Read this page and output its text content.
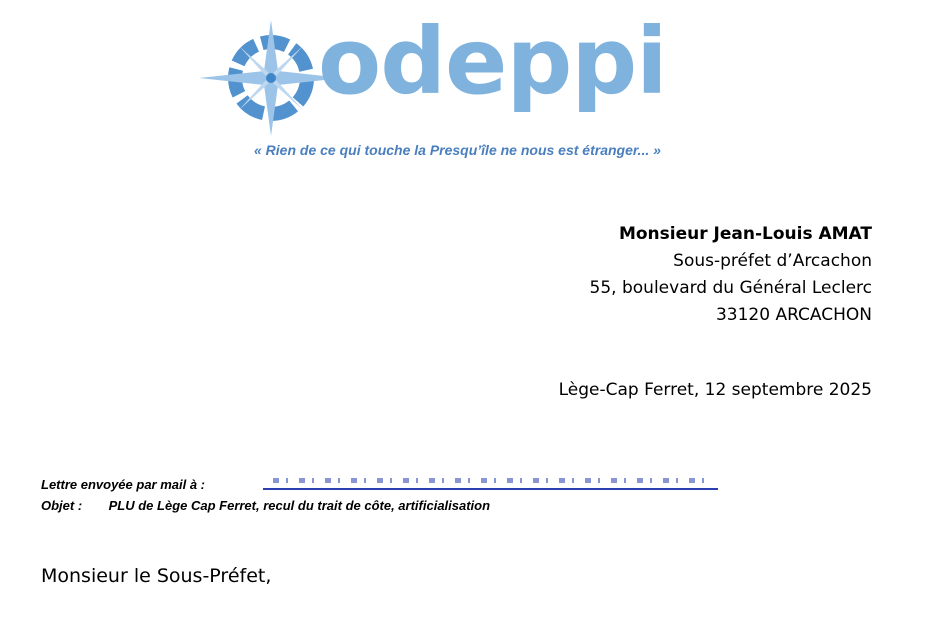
odeppi
« Rien de ce qui touche la Presqu’île ne nous est étranger... »
Monsieur Jean-Louis AMAT
Sous-préfet d’Arcachon
55, boulevard du Général Leclerc
33120 ARCACHON
Lège-Cap Ferret, 12 septembre 2025
Lettre envoyée par mail à :
Objet : PLU de Lège Cap Ferret, recul du trait de côte, artificialisation
Monsieur le Sous-Préfet,
